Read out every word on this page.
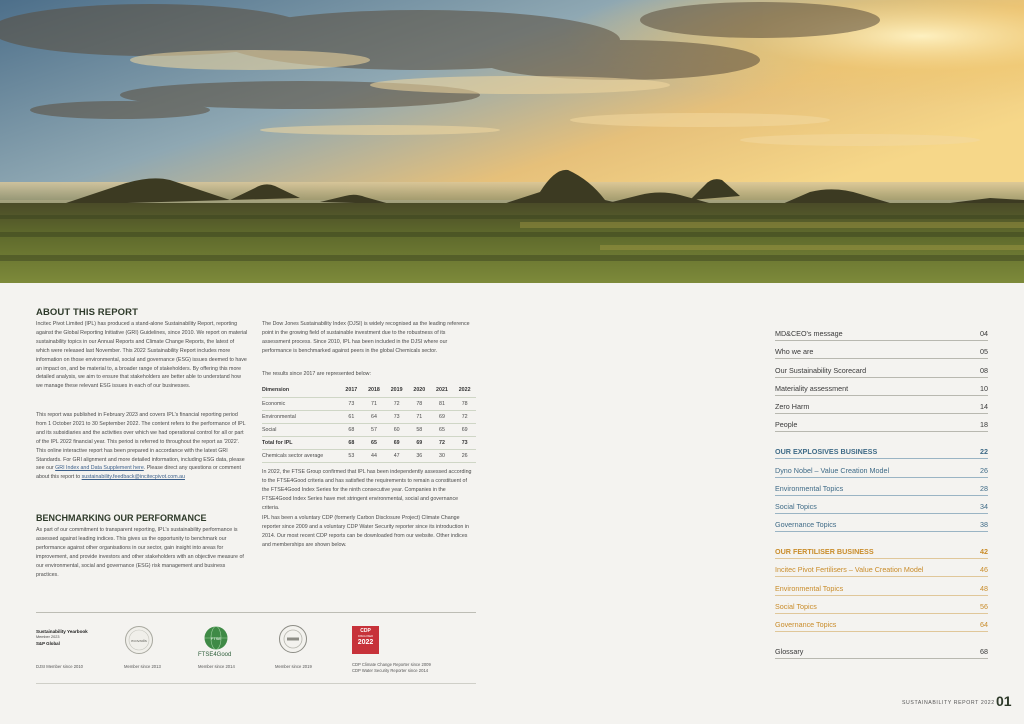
ABOUT THIS REPORT
Incitec Pivot Limited (IPL) has produced a stand-alone Sustainability Report, reporting against the Global Reporting Initiative (GRI) Guidelines, since 2010. We report on material sustainability topics in our Annual Reports and Climate Change Reports, the latest of which were released last November. This 2022 Sustainability Report includes more information on those environmental, social and governance (ESG) issues deemed to have an impact on, and be material to, a broader range of stakeholders. By offering this more detailed analysis, we aim to ensure that stakeholders are better able to understand how we manage these relevant ESG issues in each of our businesses.
This report was published in February 2023 and covers IPL's financial reporting period from 1 October 2021 to 30 September 2022. The content refers to the performance of IPL and its subsidiaries and the activities over which we had operational control for all or part of the IPL 2022 financial year. This period is referred to throughout the report as '2022'. This online interactive report has been prepared in accordance with the latest GRI Standards. For GRI alignment and more detailed information, including ESG data, please see our GRI Index and Data Supplement here. Please direct any questions or comment about this report to sustainability.feedback@incitecpivot.com.au
BENCHMARKING OUR PERFORMANCE
As part of our commitment to transparent reporting, IPL's sustainability performance is assessed against leading indices. This gives us the opportunity to benchmark our performance against other organisations in our sector, gain insight into areas for improvement, and provide investors and other stakeholders with an objective measure of our environmental, social and governance (ESG) risk management and business practices.
The Dow Jones Sustainability Index (DJSI) is widely recognised as the leading reference point in the growing field of sustainable investment due to the robustness of its assessment process. Since 2010, IPL has been included in the DJSI where our performance is benchmarked against peers in the global Chemicals sector.
The results since 2017 are represented below:
Dimension	2017	2018	2019	2020	2021	2022
Economic	73	71	72	78	81	78
Environmental	61	64	73	71	69	72
Social	68	57	60	58	65	69
Total for IPL	68	65	69	69	72	73
Chemicals sector average	53	44	47	36	30	26
In 2022, the FTSE Group confirmed that IPL has been independently assessed according to the FTSE4Good criteria and has satisfied the requirements to remain a constituent of the FTSE4Good Index Series for the ninth consecutive year. Companies in the FTSE4Good Index Series have met stringent environmental, social and governance criteria.
IPL has been a voluntary CDP (formerly Carbon Disclosure Project) Climate Change reporter since 2009 and a voluntary CDP Water Security reporter since its introduction in 2014. Our most recent CDP reports can be downloaded from our website. Other indices and memberships are shown below.
Sustainability Yearbook
Member 2023
S&P Global
DJSI Member since 2010
ecovadis
Member since 2013
FTSE
FTSE4Good
Member since 2014	Member since 2019
CDP
DISCLOSER
2022
CDP Climate Change Reporter since 2009
CDP Water Security Reporter since 2014
MD&CEO's message	04
Who we are	05
Our Sustainability Scorecard	08
Materiality assessment	10
Zero Harm	14
People	18
OUR EXPLOSIVES BUSINESS	22
Dyno Nobel – Value Creation Model	26
Environmental Topics	28
Social Topics	34
Governance Topics	38
OUR FERTILISER BUSINESS	42
Incitec Pivot Fertilisers – Value Creation Model	46
Environmental Topics	48
Social Topics	56
Governance Topics	64
Glossary	68
SUSTAINABILITY REPORT 2022 01
